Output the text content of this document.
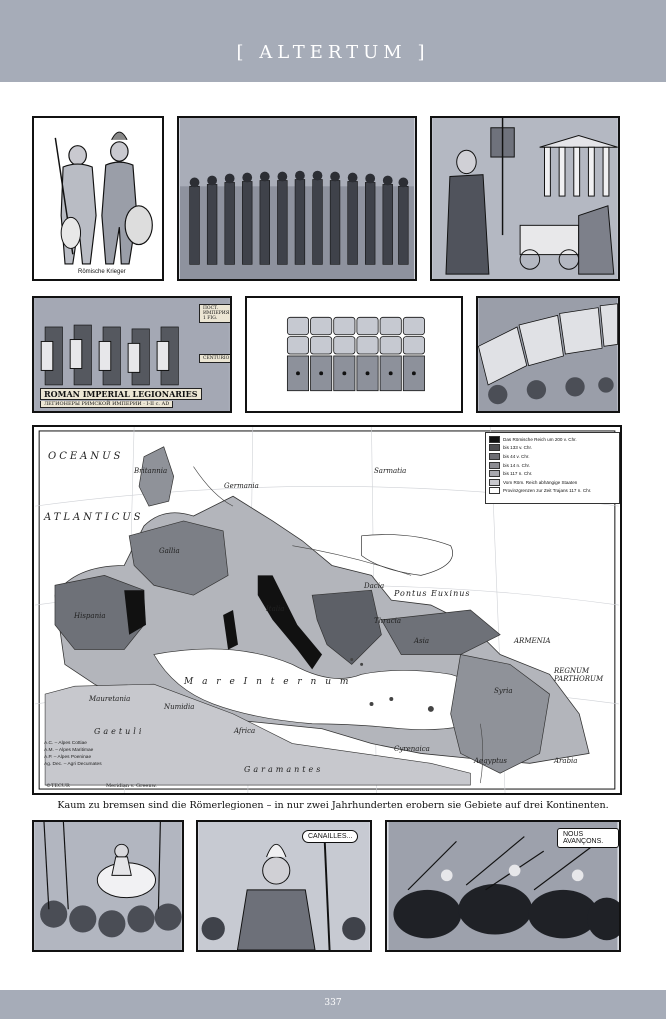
[ ALTERTUM ]
Römische Krieger
ПОСТ. ИМПЕРИЯ 1 FIG.
CENTURIO
ROMAN IMPERIAL LEGIONARIES
ЛЕГИОНЕРЫ РИМСКОЙ ИМПЕРИИ · I-II c. AD
OCEANUS
ATLANTICUS
Britannia
Germania
Sarmatia
Gallia
Hispania
Italia
Dacia
Pontus Euxinus
Thracia
Asia	ARMENIA
REGNUM PARTHORUM
Syria
M a r e I n t e r n u m
Mauretania
Numidia
Africa
Cyrenaica
Gaetuli
Garamantes
Aegyptus	Arabia
©TECUR	Meridian v. Greenw.
Das Römische Reich um 200 v. Chr.
bis 133 v. Chr.
bis 44 v. Chr.
bis 14 n. Chr.
bis 117 n. Chr.
Vom Röm. Reich abhängige Staaten
Provinzgrenzen zur Zeit Trajans 117 n. Chr.
A.C. – Alpes Cottiae
A.M. – Alpes Maritimae
A.P. – Alpes Poeninae
Ag. Dec. – Agri Decumates
Kaum zu bremsen sind die Römerlegionen – in nur zwei Jahrhunderten erobern sie Gebiete auf drei Kontinenten.
CANAILLES...	NOUS AVANÇONS.
337
